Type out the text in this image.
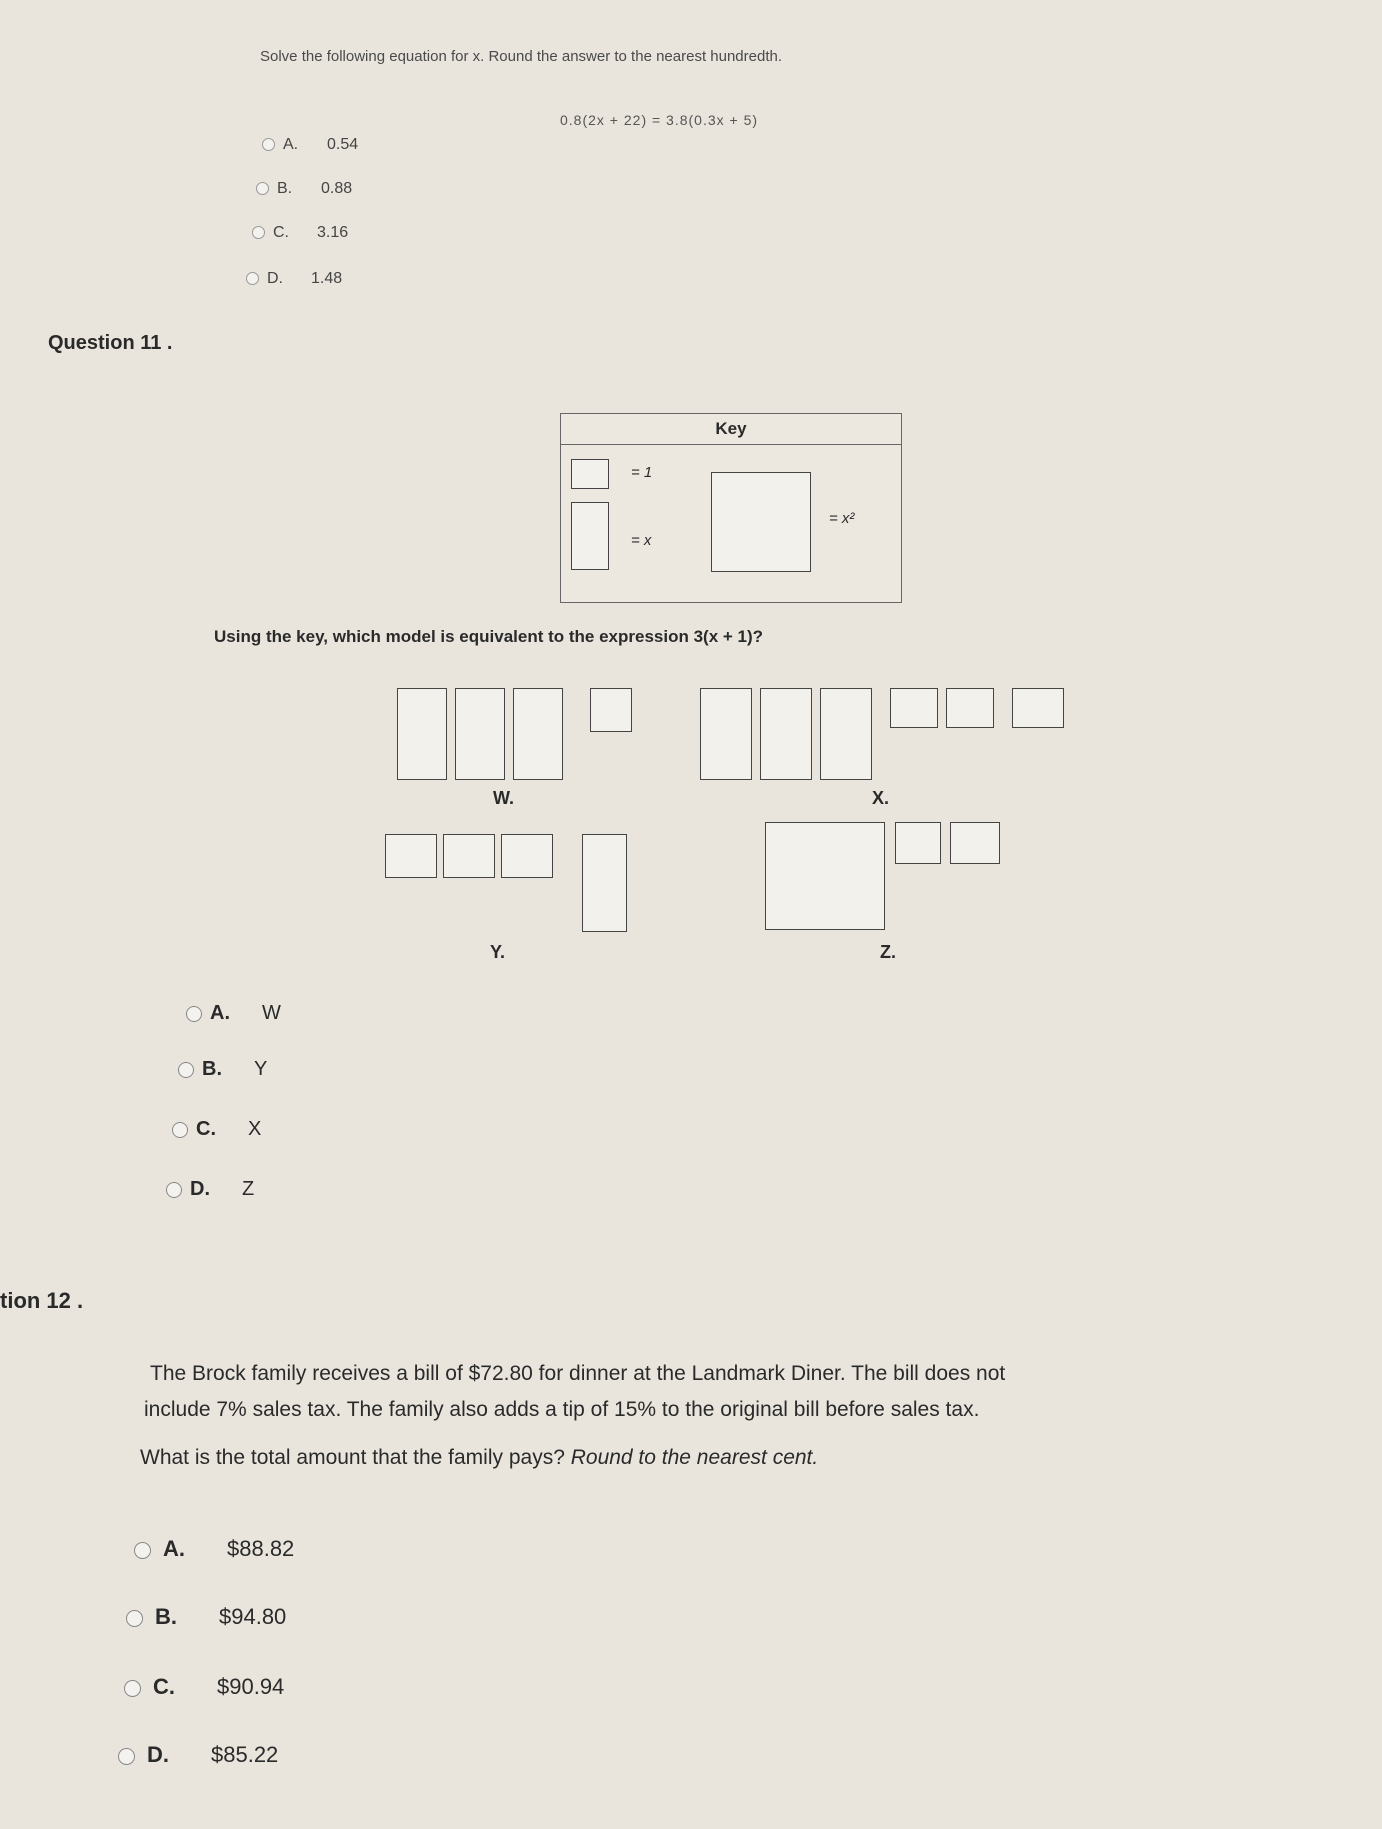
Solve the following equation for x. Round the answer to the nearest hundredth.
0.8(2x + 22) = 3.8(0.3x + 5)
A. 0.54
B. 0.88
C. 3.16
D. 1.48
Question 11 .
Key
= 1
= x
= x²
Using the key, which model is equivalent to the expression 3(x + 1)?
W.	X.
Y.	Z.
A. W
B. Y
C. X
D. Z
tion 12 .
The Brock family receives a bill of $72.80 for dinner at the Landmark Diner. The bill does not
include 7% sales tax. The family also adds a tip of 15% to the original bill before sales tax.
What is the total amount that the family pays? Round to the nearest cent.
A. $88.82
B. $94.80
C. $90.94
D. $85.22
